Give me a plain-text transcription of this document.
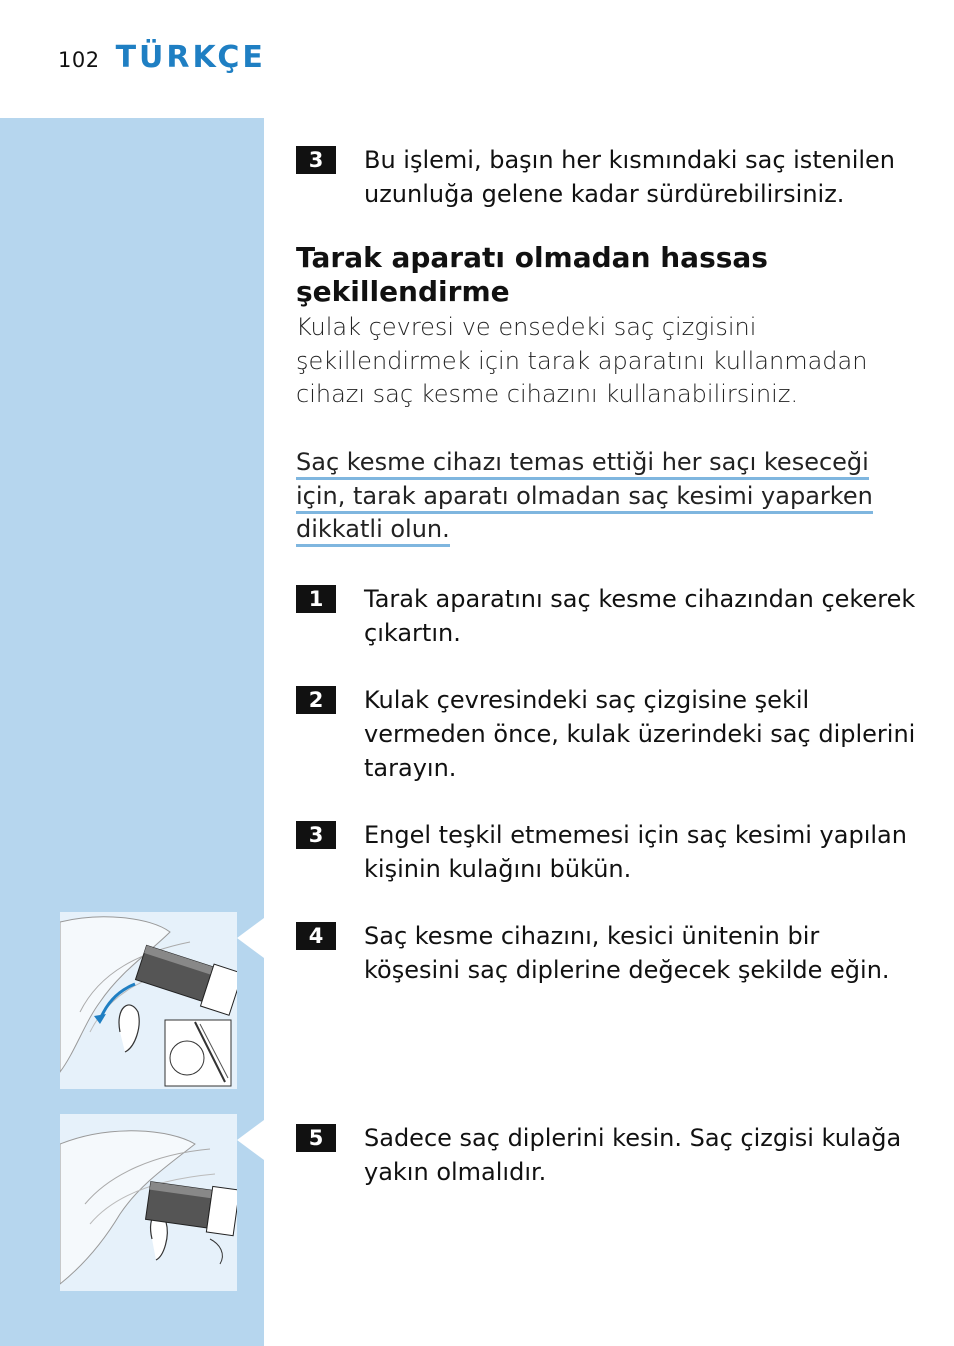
102 TÜRKÇE
3	Bu işlemi, başın her kısmındaki saç istenilen uzunluğa gelene kadar sürdürebilirsiniz.
Tarak aparatı olmadan hassas şekillendirme
Kulak çevresi ve ensedeki saç çizgisini şekillendirmek için tarak aparatını kullanmadan cihazı saç kesme cihazını kullanabilirsiniz.
Saç kesme cihazı temas ettiği her saçı keseceği için, tarak aparatı olmadan saç kesimi yaparken dikkatli olun.
1	Tarak aparatını saç kesme cihazından çekerek çıkartın.
2	Kulak çevresindeki saç çizgisine şekil vermeden önce, kulak üzerindeki saç diplerini tarayın.
3	Engel teşkil etmemesi için saç kesimi yapılan kişinin kulağını bükün.
4	Saç kesme cihazını, kesici ünitenin bir köşesini saç diplerine değecek şekilde eğin.
5	Sadece saç diplerini kesin. Saç çizgisi kulağa yakın olmalıdır.
